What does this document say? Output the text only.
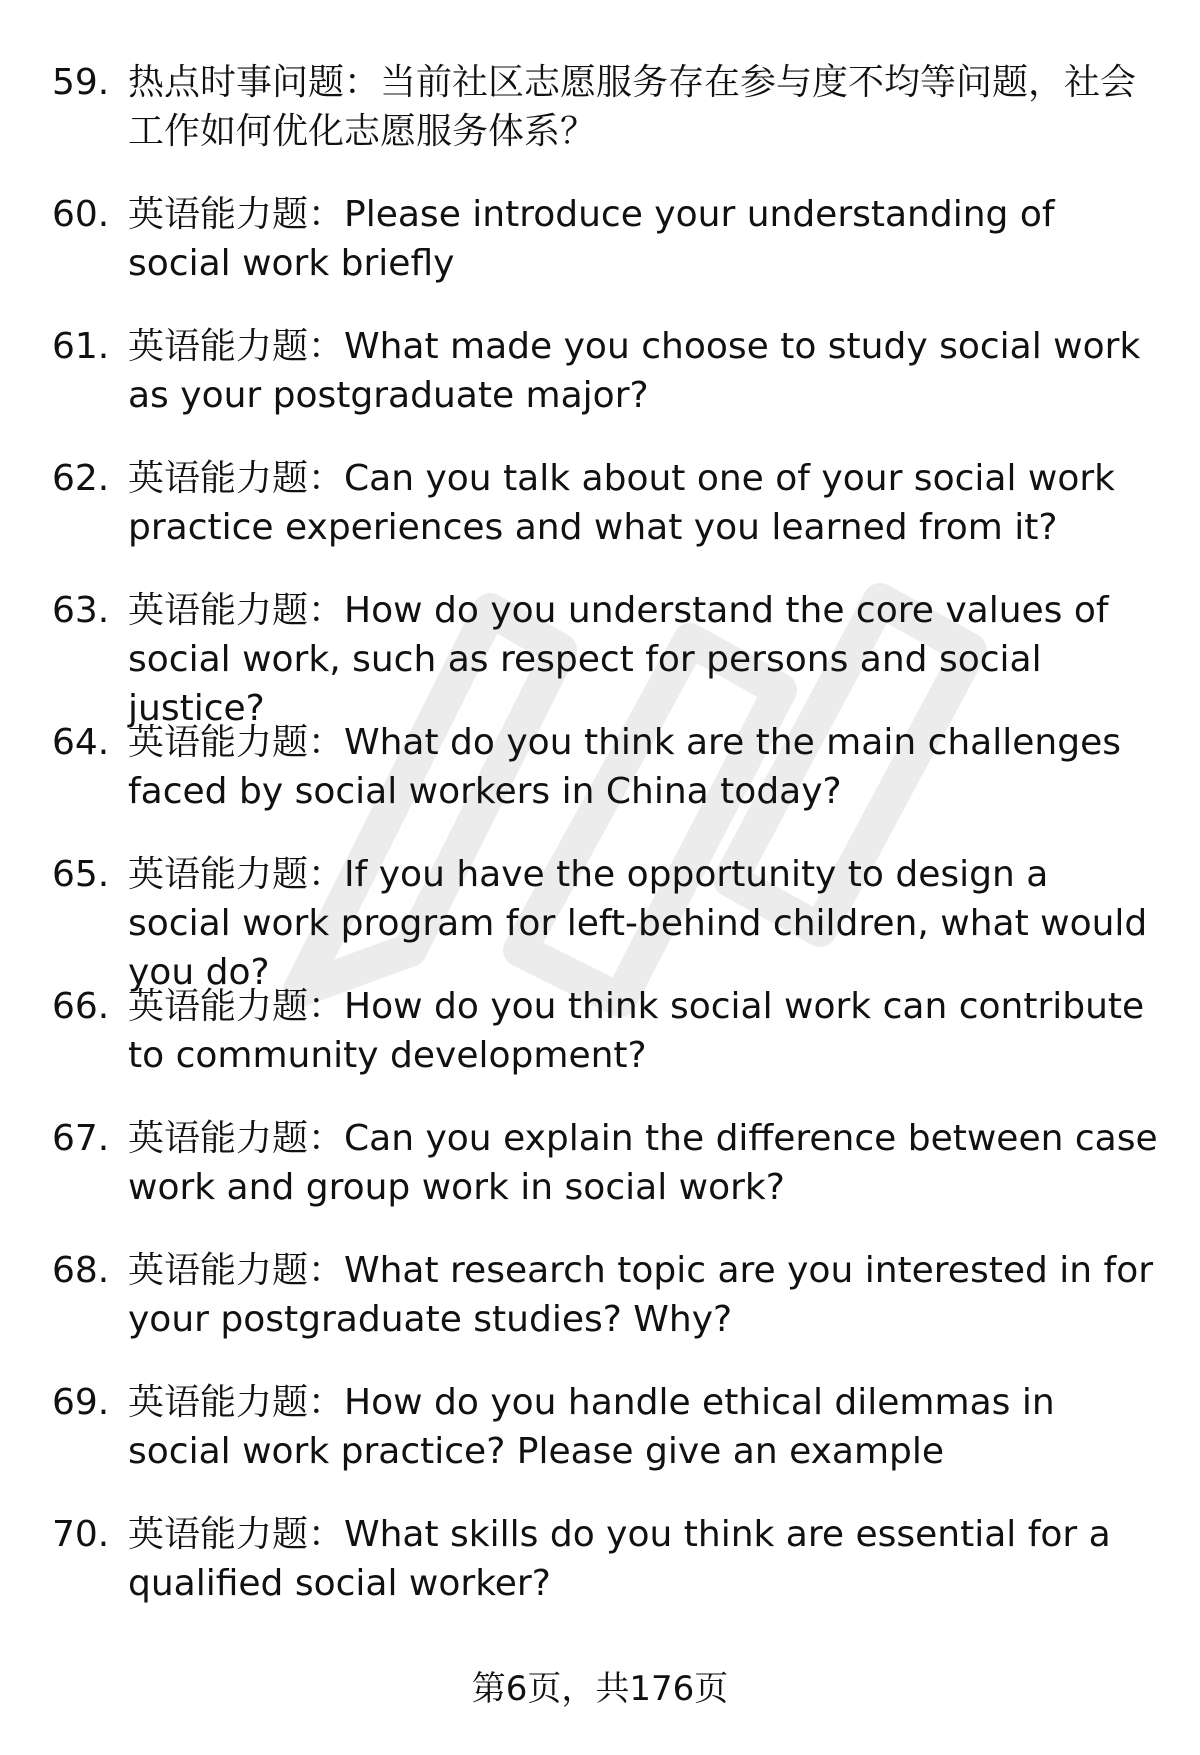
59. 热点时事问题：当前社区志愿服务存在参与度不均等问题，社会工作如何优化志愿服务体系？
60. 英语能力题：Please introduce your understanding of social work briefly
61. 英语能力题：What made you choose to study social work as your postgraduate major?
62. 英语能力题：Can you talk about one of your social work practice experiences and what you learned from it?
63. 英语能力题：How do you understand the core values of social work, such as respect for persons and social justice?
64. 英语能力题：What do you think are the main challenges faced by social workers in China today?
65. 英语能力题：If you have the opportunity to design a social work program for left-behind children, what would you do?
66. 英语能力题：How do you think social work can contribute to community development?
67. 英语能力题：Can you explain the difference between case work and group work in social work?
68. 英语能力题：What research topic are you interested in for your postgraduate studies? Why?
69. 英语能力题：How do you handle ethical dilemmas in social work practice? Please give an example
70. 英语能力题：What skills do you think are essential for a qualified social worker?
第6页，共176页
